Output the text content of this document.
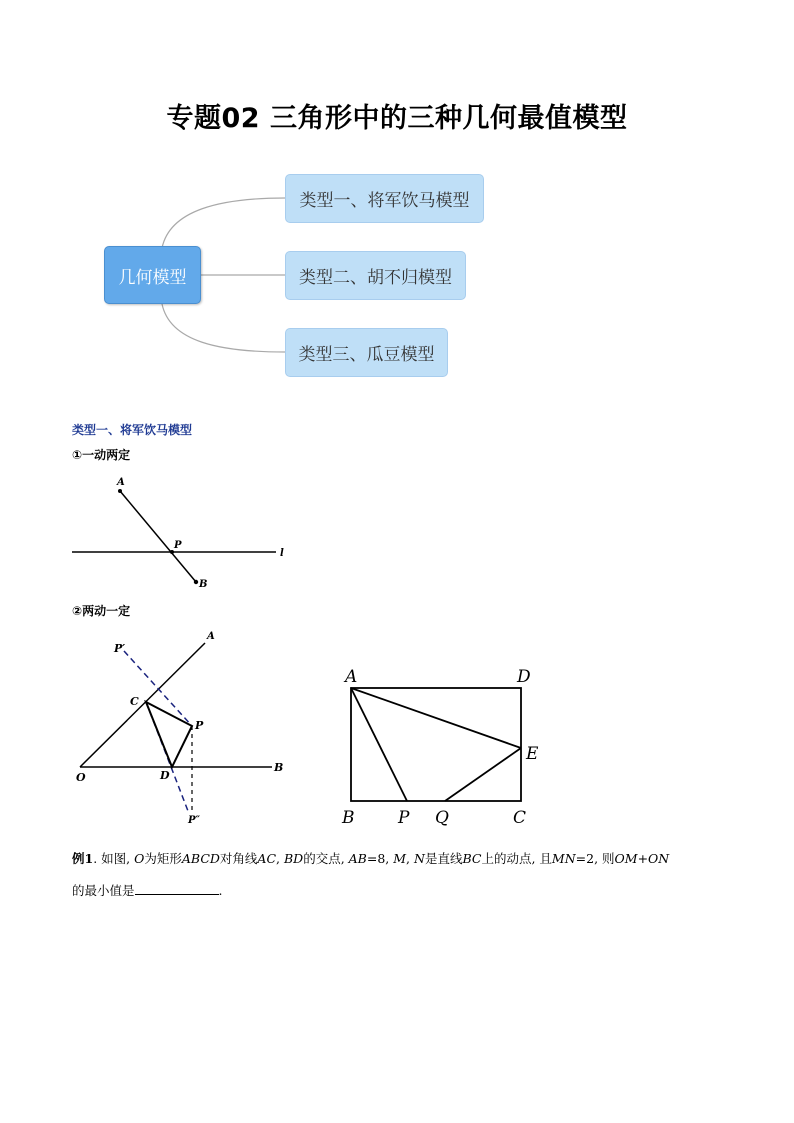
专题02 三角形中的三种几何最值模型
几何模型
类型一、将军饮马模型
类型二、胡不归模型
类型三、瓜豆模型
类型一、将军饮马模型
①一动两定
A
P
B
l
②两动一定
P′
A
C
P
O	D
B
P″
A	D
E
B	P Q	C
例1. 如图, O为矩形ABCD对角线AC, BD的交点, AB=8, M, N是直线BC上的动点, 且MN=2, 则OM+ON
的最小值是	.
